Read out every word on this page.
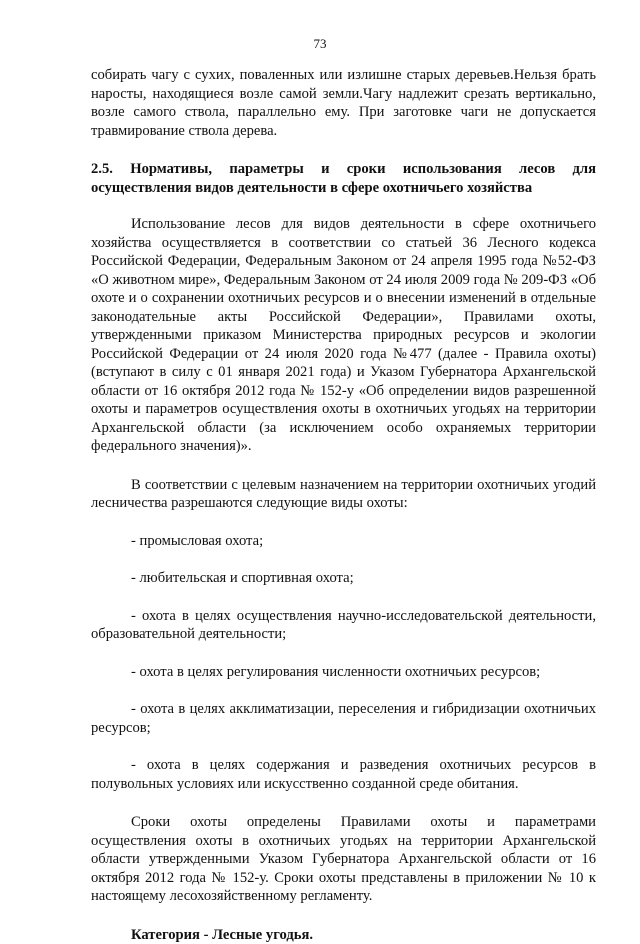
73

собирать чагу с сухих, поваленных или излишне старых деревьев.Нельзя брать наросты, находящиеся возле самой земли.Чагу надлежит срезать вертикально, возле самого ствола, параллельно ему. При заготовке чаги не допускается травмирование ствола дерева.

2.5. Нормативы, параметры и сроки использования лесов для осуществления видов деятельности в сфере охотничьего хозяйства

Использование лесов для видов деятельности в сфере охотничьего хозяйства осуществляется в соответствии со статьей 36 Лесного кодекса Российской Федерации, Федеральным Законом от 24 апреля 1995 года №52-ФЗ «О животном мире», Федеральным Законом от 24 июля 2009 года № 209-ФЗ «Об охоте и о сохранении охотничьих ресурсов и о внесении изменений в отдельные законодательные акты Российской Федерации», Правилами охоты, утвержденными приказом Министерства природных ресурсов и экологии Российской Федерации от 24 июля 2020 года №477 (далее - Правила охоты) (вступают в силу с 01 января 2021 года) и Указом Губернатора Архангельской области от 16 октября 2012 года № 152-у «Об определении видов разрешенной охоты и параметров осуществления охоты в охотничьих угодьях на территории Архангельской области (за исключением особо охраняемых территории федерального значения)».

В соответствии с целевым назначением на территории охотничьих угодий лесничества разрешаются следующие виды охоты:

- промысловая охота;

- любительская и спортивная охота;

- охота в целях осуществления научно-исследовательской деятельности, образовательной деятельности;

- охота в целях регулирования численности охотничьих ресурсов;

- охота в целях акклиматизации, переселения и гибридизации охотничьих ресурсов;

- охота в целях содержания и разведения охотничьих ресурсов в полувольных условиях или искусственно созданной среде обитания.

Сроки охоты определены Правилами охоты и параметрами осуществления охоты в охотничьих угодьях на территории Архангельской области утвержденными Указом Губернатора Архангельской области от 16 октября 2012 года № 152-у. Сроки охоты представлены в приложении № 10 к настоящему лесохозяйственному регламенту.

Категория - Лесные угодья.
